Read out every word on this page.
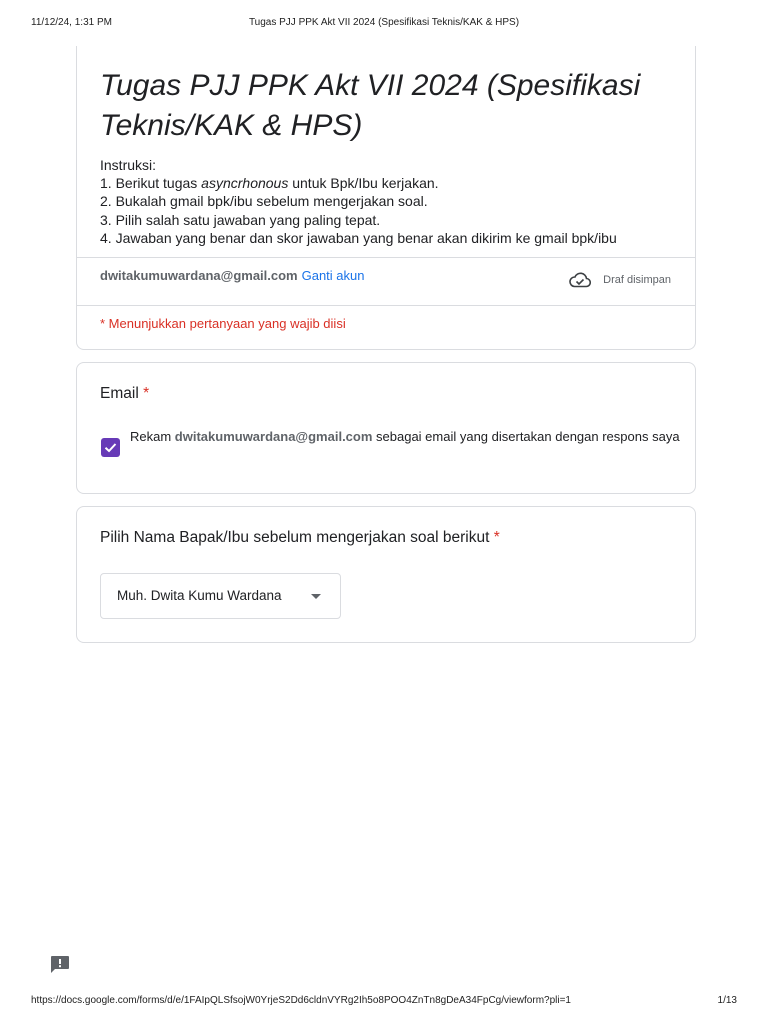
11/12/24, 1:31 PM	Tugas PJJ PPK Akt VII 2024 (Spesifikasi Teknis/KAK & HPS)
Tugas PJJ PPK Akt VII 2024 (Spesifikasi Teknis/KAK & HPS)
Instruksi:
1. Berikut tugas asyncrhonous untuk Bpk/Ibu kerjakan.
2. Bukalah gmail bpk/ibu sebelum mengerjakan soal.
3. Pilih salah satu jawaban yang paling tepat.
4. Jawaban yang benar dan skor jawaban yang benar akan dikirim ke gmail bpk/ibu
dwitakumuwardana@gmail.com Ganti akun	Draf disimpan
* Menunjukkan pertanyaan yang wajib diisi
Email *
Rekam dwitakumuwardana@gmail.com sebagai email yang disertakan dengan respons saya
Pilih Nama Bapak/Ibu sebelum mengerjakan soal berikut *
Muh. Dwita Kumu Wardana
https://docs.google.com/forms/d/e/1FAIpQLSfsojW0YrjeS2Dd6cldnVYRg2Ih5o8POO4ZnTn8gDeA34FpCg/viewform?pli=1	1/13
